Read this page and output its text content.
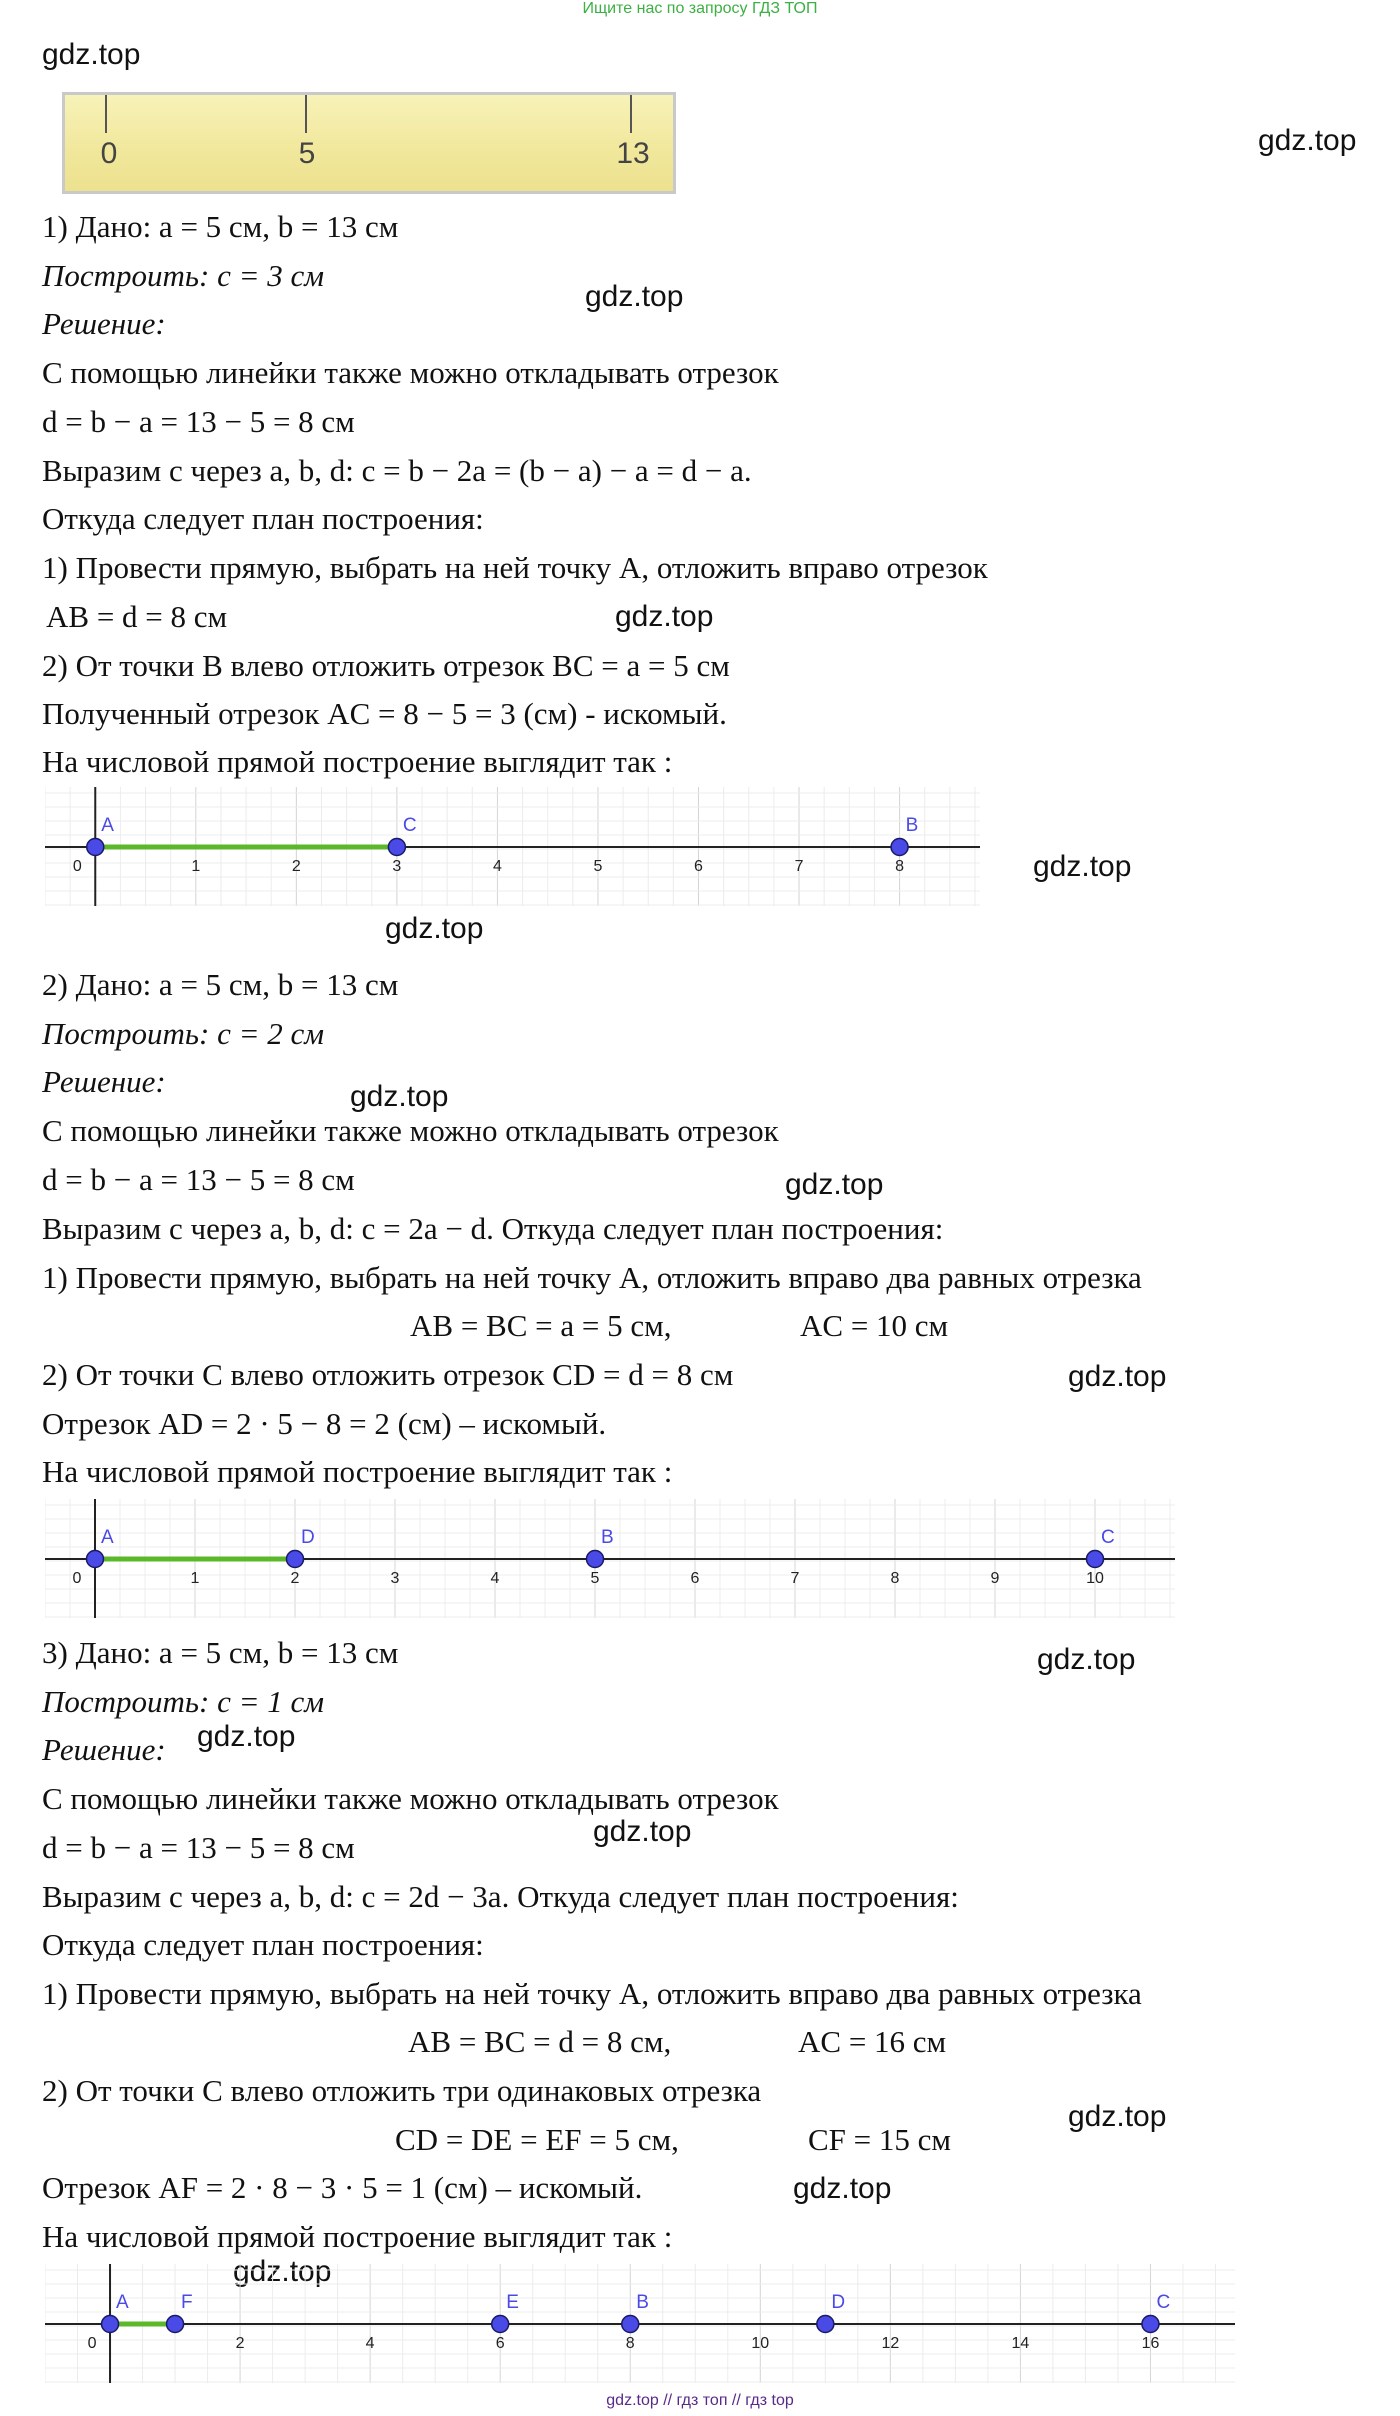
Ищите нас по запросу ГДЗ ТОП
gdz.top
gdz.top
gdz.top
gdz.top
gdz.top
gdz.top
gdz.top
gdz.top
gdz.top
gdz.top
gdz.top
gdz.top
gdz.top
gdz.top
gdz.top
0	5	13
1) Дано: a = 5 см, b = 13 см
Построить: c = 3 см
Решение:
С помощью линейки также можно откладывать отрезок
d = b − a = 13 − 5 = 8 см
Выразим c через a, b, d: c = b − 2a = (b − a) − a = d − a.
Откуда следует план построения:
1) Провести прямую, выбрать на ней точку A, отложить вправо отрезок
AB = d = 8 см
2) От точки B влево отложить отрезок BC = a = 5 см
Полученный отрезок AC = 8 − 5 = 3 (см) - искомый.
На числовой прямой построение выглядит так :
0	1	2	3	4	5	6	7	8
A	C	B
2) Дано: a = 5 см, b = 13 см
Построить: c = 2 см
Решение:
С помощью линейки также можно откладывать отрезок
d = b − a = 13 − 5 = 8 см
Выразим c через a, b, d: c = 2a − d. Откуда следует план построения:
1) Провести прямую, выбрать на ней точку A, отложить вправо два равных отрезка
AB = BC = a = 5 см,	AC = 10 см
2) От точки C влево отложить отрезок CD = d = 8 см
Отрезок AD = 2 · 5 − 8 = 2 (см) – искомый.
На числовой прямой построение выглядит так :
0	1	2	3	4	5	6	7	8	9	10
A	D	B	C
3) Дано: a = 5 см, b = 13 см
Построить: c = 1 см
Решение:
С помощью линейки также можно откладывать отрезок
d = b − a = 13 − 5 = 8 см
Выразим c через a, b, d: c = 2d − 3a. Откуда следует план построения:
Откуда следует план построения:
1) Провести прямую, выбрать на ней точку A, отложить вправо два равных отрезка
AB = BC = d = 8 см,	AC = 16 см
2) От точки C влево отложить три одинаковых отрезка
CD = DE = EF = 5 см,	CF = 15 см
Отрезок AF = 2 · 8 − 3 · 5 = 1 (см) – искомый.
На числовой прямой построение выглядит так :
0	2	4	6	8	10	12	14	16
A	F	E	B	D	C
gdz.top // гдз топ // гдз top
